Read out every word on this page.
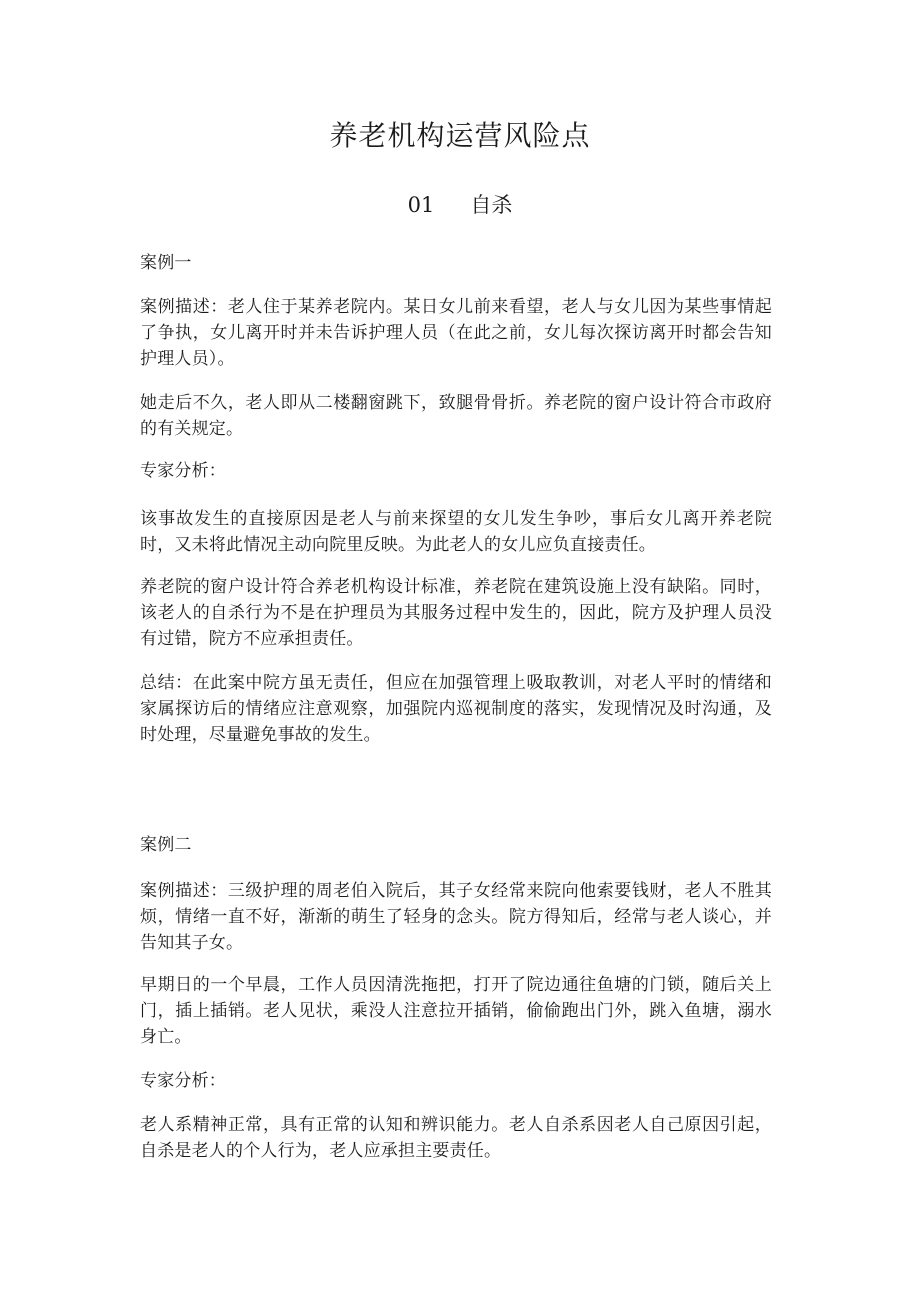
养老机构运营风险点
01 自杀

案例一

案例描述：老人住于某养老院内。某日女儿前来看望，老人与女儿因为某些事情起了争执，女儿离开时并未告诉护理人员（在此之前，女儿每次探访离开时都会告知护理人员）。

她走后不久，老人即从二楼翻窗跳下，致腿骨骨折。养老院的窗户设计符合市政府的有关规定。

专家分析：

该事故发生的直接原因是老人与前来探望的女儿发生争吵，事后女儿离开养老院时，又未将此情况主动向院里反映。为此老人的女儿应负直接责任。

养老院的窗户设计符合养老机构设计标准，养老院在建筑设施上没有缺陷。同时，该老人的自杀行为不是在护理员为其服务过程中发生的，因此，院方及护理人员没有过错，院方不应承担责任。

总结：在此案中院方虽无责任，但应在加强管理上吸取教训，对老人平时的情绪和家属探访后的情绪应注意观察，加强院内巡视制度的落实，发现情况及时沟通，及时处理，尽量避免事故的发生。

案例二

案例描述：三级护理的周老伯入院后，其子女经常来院向他索要钱财，老人不胜其烦，情绪一直不好，渐渐的萌生了轻身的念头。院方得知后，经常与老人谈心，并告知其子女。

早期日的一个早晨，工作人员因清洗拖把，打开了院边通往鱼塘的门锁，随后关上门，插上插销。老人见状，乘没人注意拉开插销，偷偷跑出门外，跳入鱼塘，溺水身亡。

专家分析：

老人系精神正常，具有正常的认知和辨识能力。老人自杀系因老人自己原因引起，自杀是老人的个人行为，老人应承担主要责任。
